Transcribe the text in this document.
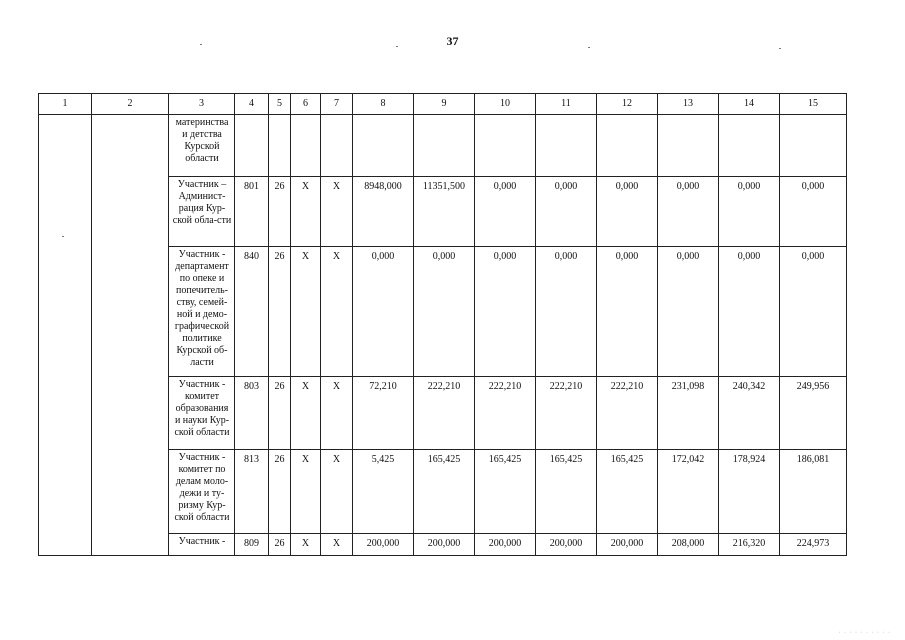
37
1	2	3	4	5	6	7	8	9	10	11	12	13	14	15
		материнства и детства Курской области												
		Участник – Админист-рация Кур-ской обла-сти	801	26	X	X	8948,000	11351,500	0,000	0,000	0,000	0,000	0,000	0,000
		Участник - департамент по опеке и попечитель-ству, семей-ной и демо-графической политике Курской об-ласти	840	26	X	X	0,000	0,000	0,000	0,000	0,000	0,000	0,000	0,000
		Участник - комитет образования и науки Кур-ской области	803	26	X	X	72,210	222,210	222,210	222,210	222,210	231,098	240,342	249,956
		Участник - комитет по делам моло-дежи и ту-ризму Кур-ской области	813	26	X	X	5,425	165,425	165,425	165,425	165,425	172,042	178,924	186,081
		Участник -	809	26	X	X	200,000	200,000	200,000	200,000	200,000	208,000	216,320	224,973
· · · · · · · · · ·
